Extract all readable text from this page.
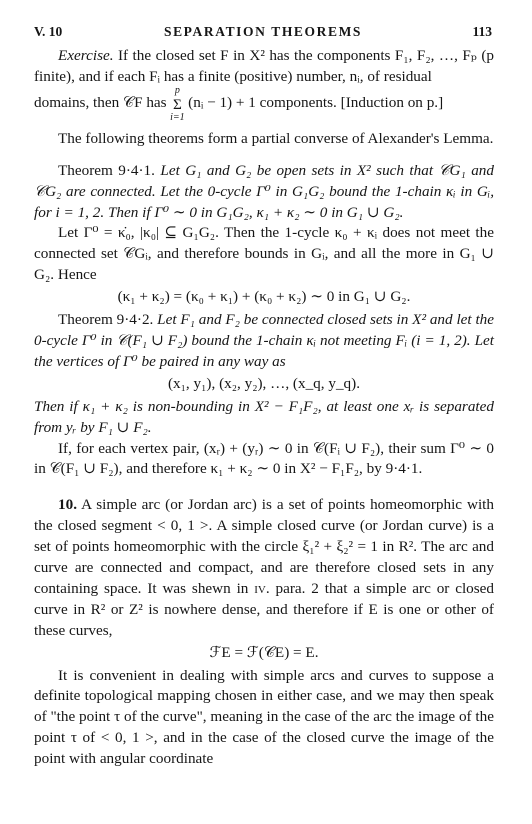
V. 10	SEPARATION THEOREMS	113

Exercise. If the closed set F in X² has the components F₁, F₂, …, Fₚ (p finite), and if each Fᵢ has a finite (positive) number, nᵢ, of residual

domains, then 𝒞F has
p
Σ
i=1
(nᵢ − 1) + 1 components. [Induction on p.]

The following theorems form a partial converse of Alexander's Lemma.

Theorem 9·4·1. Let G₁ and G₂ be open sets in X² such that 𝒞G₁ and 𝒞G₂ are connected. Let the 0-cycle Γ⁰ in G₁G₂ bound the 1-chain κᵢ in Gᵢ, for i = 1, 2. Then if Γ⁰ ∼ 0 in G₁G₂, κ₁ + κ₂ ∼ 0 in G₁ ∪ G₂.

Let Γ⁰ = κ̇₀, |κ₀| ⊆ G₁G₂. Then the 1-cycle κ₀ + κᵢ does not meet the connected set 𝒞Gᵢ, and therefore bounds in Gᵢ, and all the more in G₁ ∪ G₂. Hence

(κ₁ + κ₂) = (κ₀ + κ₁) + (κ₀ + κ₂) ∼ 0 in G₁ ∪ G₂.

Theorem 9·4·2. Let F₁ and F₂ be connected closed sets in X² and let the 0-cycle Γ⁰ in 𝒞(F₁ ∪ F₂) bound the 1-chain κᵢ not meeting Fᵢ (i = 1, 2). Let the vertices of Γ⁰ be paired in any way as

(x₁, y₁), (x₂, y₂), …, (x_q, y_q).

Then if κ₁ + κ₂ is non-bounding in X² − F₁F₂, at least one xᵣ is separated from yᵣ by F₁ ∪ F₂.

If, for each vertex pair, (xᵣ) + (yᵣ) ∼ 0 in 𝒞(Fᵢ ∪ F₂), their sum Γ⁰ ∼ 0 in 𝒞(F₁ ∪ F₂), and therefore κ₁ + κ₂ ∼ 0 in X² − F₁F₂, by 9·4·1.

10. A simple arc (or Jordan arc) is a set of points homeomorphic with the closed segment < 0, 1 >. A simple closed curve (or Jordan curve) is a set of points homeomorphic with the circle ξ₁² + ξ₂² = 1 in R². The arc and curve are connected and compact, and are therefore closed sets in any containing space. It was shewn in iv. para. 2 that a simple arc or closed curve in R² or Z² is nowhere dense, and therefore if E is one or other of these curves,

ℱE = ℱ(𝒞E) = E.

It is convenient in dealing with simple arcs and curves to suppose a definite topological mapping chosen in either case, and we may then speak of "the point τ of the curve", meaning in the case of the arc the image of the point τ of < 0, 1 >, and in the case of the closed curve the image of the point with angular coordinate
